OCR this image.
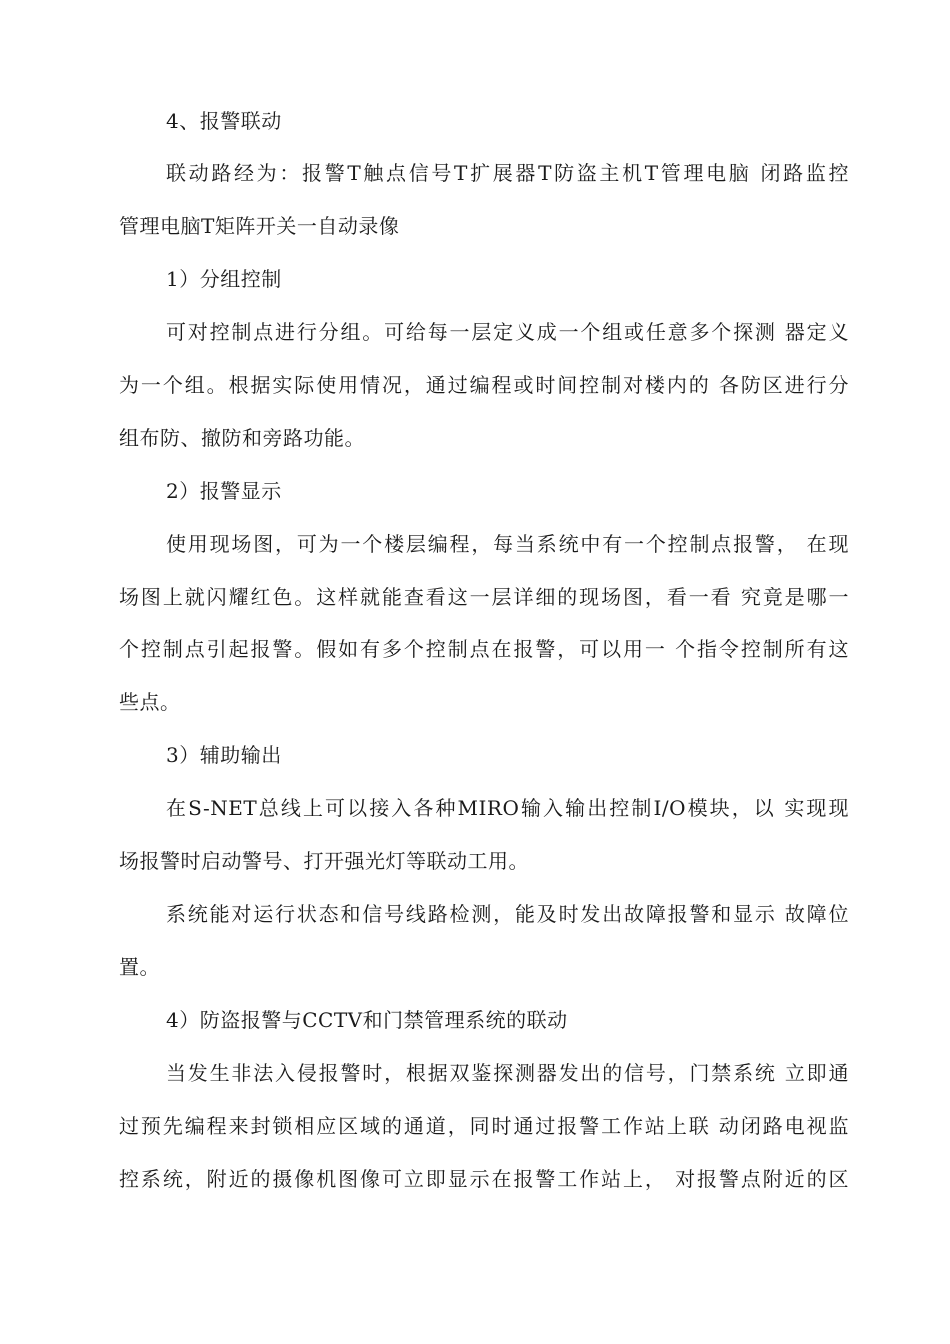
4、报警联动
联动路经为：报警T触点信号T扩展器T防盗主机T管理电脑 闭路监控
管理电脑T矩阵开关一自动录像
1）分组控制
可对控制点进行分组。可给每一层定义成一个组或任意多个探测 器定义
为一个组。根据实际使用情况，通过编程或时间控制对楼内的 各防区进行分
组布防、撤防和旁路功能。
2）报警显示
使用现场图，可为一个楼层编程，每当系统中有一个控制点报警， 在现
场图上就闪耀红色。这样就能查看这一层详细的现场图，看一看 究竟是哪一
个控制点引起报警。假如有多个控制点在报警，可以用一 个指令控制所有这
些点。
3）辅助输出
在S-NET总线上可以接入各种MIRO输入输出控制I/O模块，以 实现现
场报警时启动警号、打开强光灯等联动工用。
系统能对运行状态和信号线路检测，能及时发出故障报警和显示 故障位
置。
4）防盗报警与CCTV和门禁管理系统的联动
当发生非法入侵报警时，根据双鉴探测器发出的信号，门禁系统 立即通
过预先编程来封锁相应区域的通道，同时通过报警工作站上联 动闭路电视监
控系统，附近的摄像机图像可立即显示在报警工作站上， 对报警点附近的区
